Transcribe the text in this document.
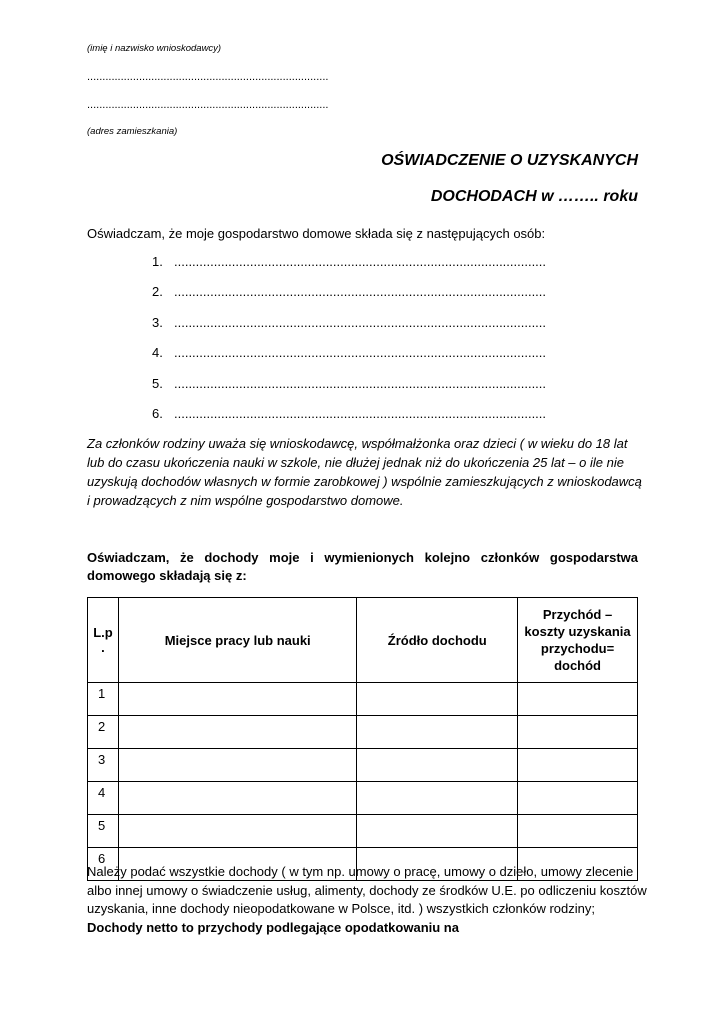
(imię i nazwisko wnioskodawcy)
...............................................................................
...............................................................................
(adres zamieszkania)
OŚWIADCZENIE O UZYSKANYCH
DOCHODACH w …….. roku
Oświadczam, że moje gospodarstwo domowe składa się z następujących osób:
1. .......................................................................................................
2. .......................................................................................................
3. .......................................................................................................
4. .......................................................................................................
5. .......................................................................................................
6. .......................................................................................................
Za członków rodziny uważa się wnioskodawcę, współmałżonka oraz dzieci ( w wieku do 18 lat lub do czasu ukończenia nauki w szkole, nie dłużej jednak niż do ukończenia 25 lat – o ile nie uzyskują dochodów własnych w formie zarobkowej ) wspólnie zamieszkujących z wnioskodawcą i prowadzących z nim wspólne gospodarstwo domowe.
Oświadczam, że dochody moje i wymienionych kolejno członków gospodarstwa domowego składają się z:
L.p .	Miejsce pracy lub nauki	Źródło dochodu	Przychód – koszty uzyskania przychodu= dochód
1			
2			
3			
4			
5			
6			
Należy podać wszystkie dochody ( w tym np. umowy o pracę, umowy o dzieło, umowy zlecenie albo innej umowy o świadczenie usług, alimenty, dochody ze środków U.E. po odliczeniu kosztów uzyskania, inne dochody nieopodatkowane w Polsce, itd. ) wszystkich członków rodziny; Dochody netto to przychody podlegające opodatkowaniu na
